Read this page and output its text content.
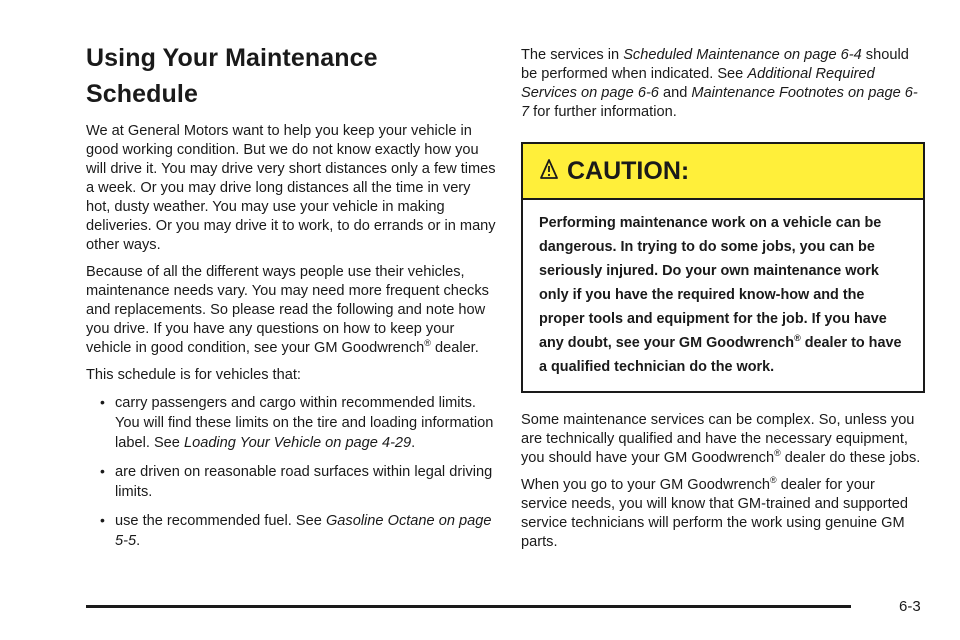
Using Your Maintenance Schedule

We at General Motors want to help you keep your vehicle in good working condition. But we do not know exactly how you will drive it. You may drive very short distances only a few times a week. Or you may drive long distances all the time in very hot, dusty weather. You may use your vehicle in making deliveries. Or you may drive it to work, to do errands or in many other ways.

Because of all the different ways people use their vehicles, maintenance needs vary. You may need more frequent checks and replacements. So please read the following and note how you drive. If you have any questions on how to keep your vehicle in good condition, see your GM Goodwrench® dealer.

This schedule is for vehicles that:

• carry passengers and cargo within recommended limits. You will find these limits on the tire and loading information label. See Loading Your Vehicle on page 4-29.
• are driven on reasonable road surfaces within legal driving limits.
• use the recommended fuel. See Gasoline Octane on page 5-5.

The services in Scheduled Maintenance on page 6-4 should be performed when indicated. See Additional Required Services on page 6-6 and Maintenance Footnotes on page 6-7 for further information.

CAUTION:

Performing maintenance work on a vehicle can be dangerous. In trying to do some jobs, you can be seriously injured. Do your own maintenance work only if you have the required know-how and the proper tools and equipment for the job. If you have any doubt, see your GM Goodwrench® dealer to have a qualified technician do the work.

Some maintenance services can be complex. So, unless you are technically qualified and have the necessary equipment, you should have your GM Goodwrench® dealer do these jobs.

When you go to your GM Goodwrench® dealer for your service needs, you will know that GM-trained and supported service technicians will perform the work using genuine GM parts.

6-3
